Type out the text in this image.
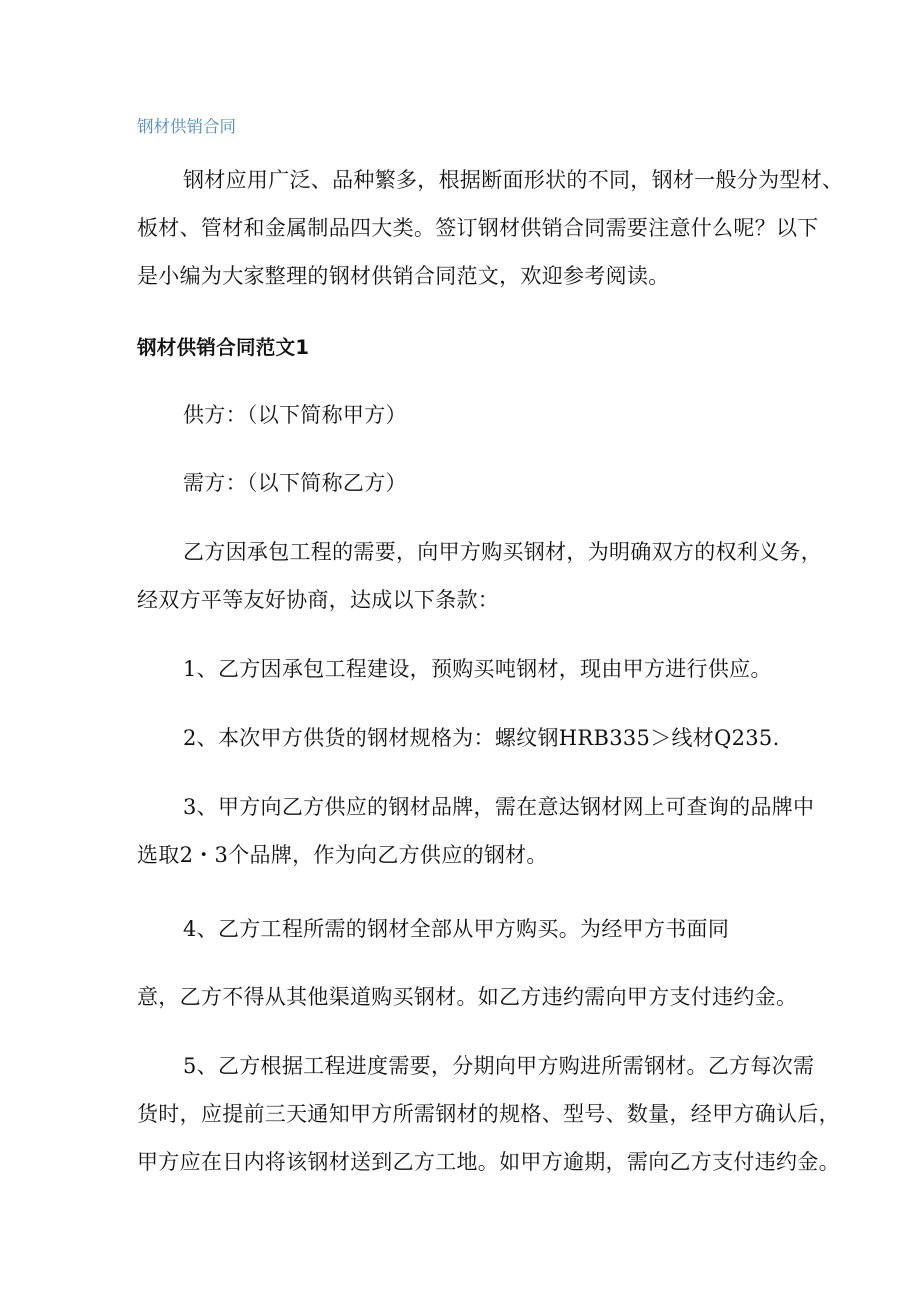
钢材供销合同
钢材应用广泛、品种繁多，根据断面形状的不同，钢材一般分为型材、
板材、管材和金属制品四大类。签订钢材供销合同需要注意什么呢？以下
是小编为大家整理的钢材供销合同范文，欢迎参考阅读。
钢材供销合同范文1
供方：（以下简称甲方）
需方：（以下简称乙方）
乙方因承包工程的需要，向甲方购买钢材，为明确双方的权利义务，
经双方平等友好协商，达成以下条款：
1、乙方因承包工程建设，预购买吨钢材，现由甲方进行供应。
2、本次甲方供货的钢材规格为：螺纹钢HRB335＞线材Q235.
3、甲方向乙方供应的钢材品牌，需在意达钢材网上可查询的品牌中
选取2・3个品牌，作为向乙方供应的钢材。
4、乙方工程所需的钢材全部从甲方购买。为经甲方书面同
意，乙方不得从其他渠道购买钢材。如乙方违约需向甲方支付违约金。
5、乙方根据工程进度需要，分期向甲方购进所需钢材。乙方每次需
货时，应提前三天通知甲方所需钢材的规格、型号、数量，经甲方确认后，
甲方应在日内将该钢材送到乙方工地。如甲方逾期，需向乙方支付违约金。
